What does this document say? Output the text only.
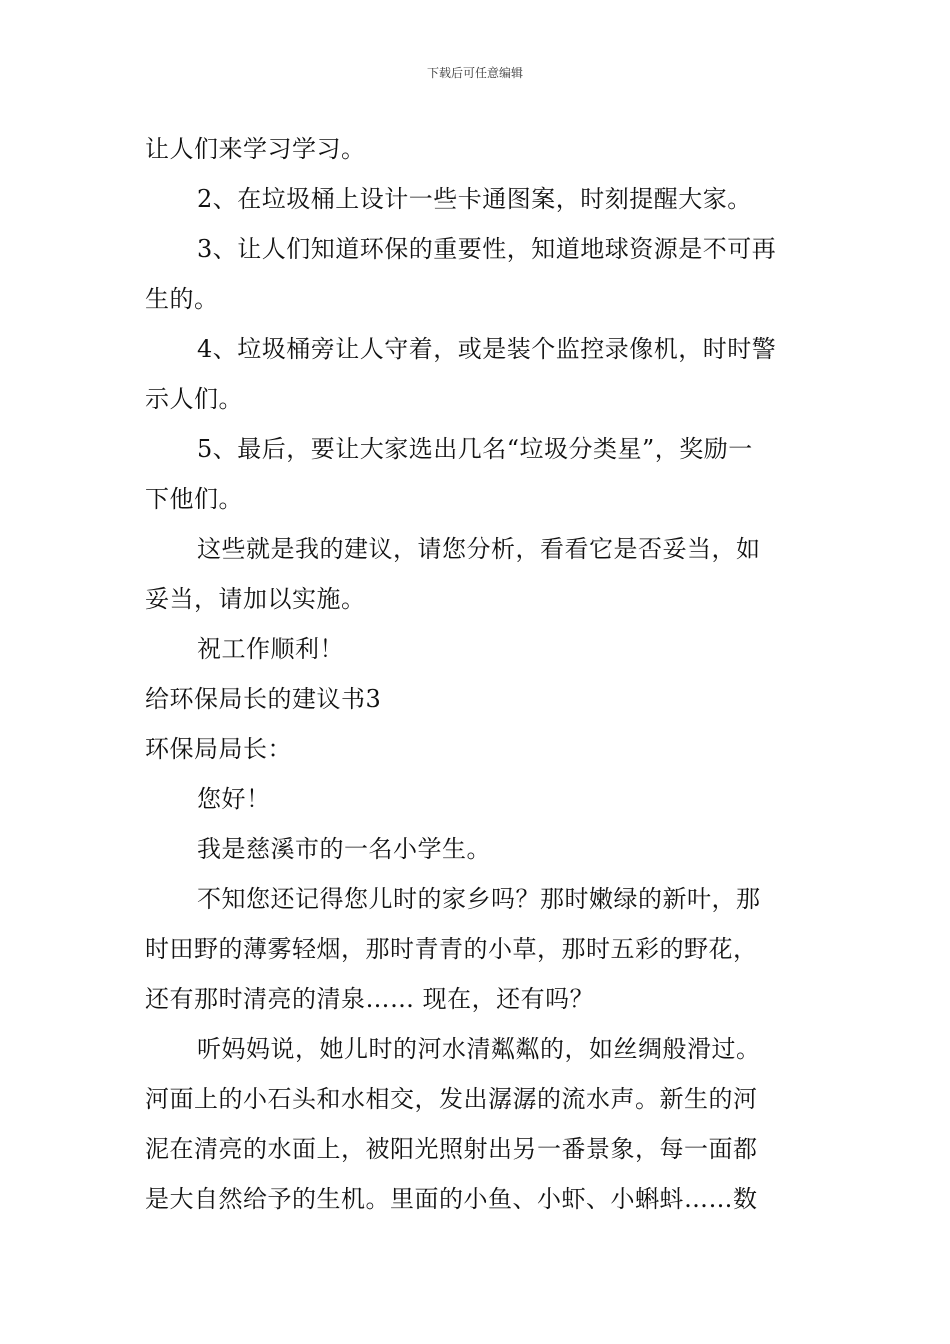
下载后可任意编辑
让人们来学习学习。
2、在垃圾桶上设计一些卡通图案，时刻提醒大家。
3、让人们知道环保的重要性，知道地球资源是不可再
生的。
4、垃圾桶旁让人守着，或是装个监控录像机，时时警
示人们。
5、最后，要让大家选出几名“垃圾分类星”，奖励一
下他们。
这些就是我的建议，请您分析，看看它是否妥当，如
妥当，请加以实施。
祝工作顺利！
给环保局长的建议书3
环保局局长：
您好！
我是慈溪市的一名小学生。
不知您还记得您儿时的家乡吗？那时嫩绿的新叶，那
时田野的薄雾轻烟，那时青青的小草，那时五彩的野花，
还有那时清亮的清泉…… 现在，还有吗？
听妈妈说，她儿时的河水清粼粼的，如丝绸般滑过。
河面上的小石头和水相交，发出潺潺的流水声。新生的河
泥在清亮的水面上，被阳光照射出另一番景象，每一面都
是大自然给予的生机。里面的小鱼、小虾、小蝌蚪……数
